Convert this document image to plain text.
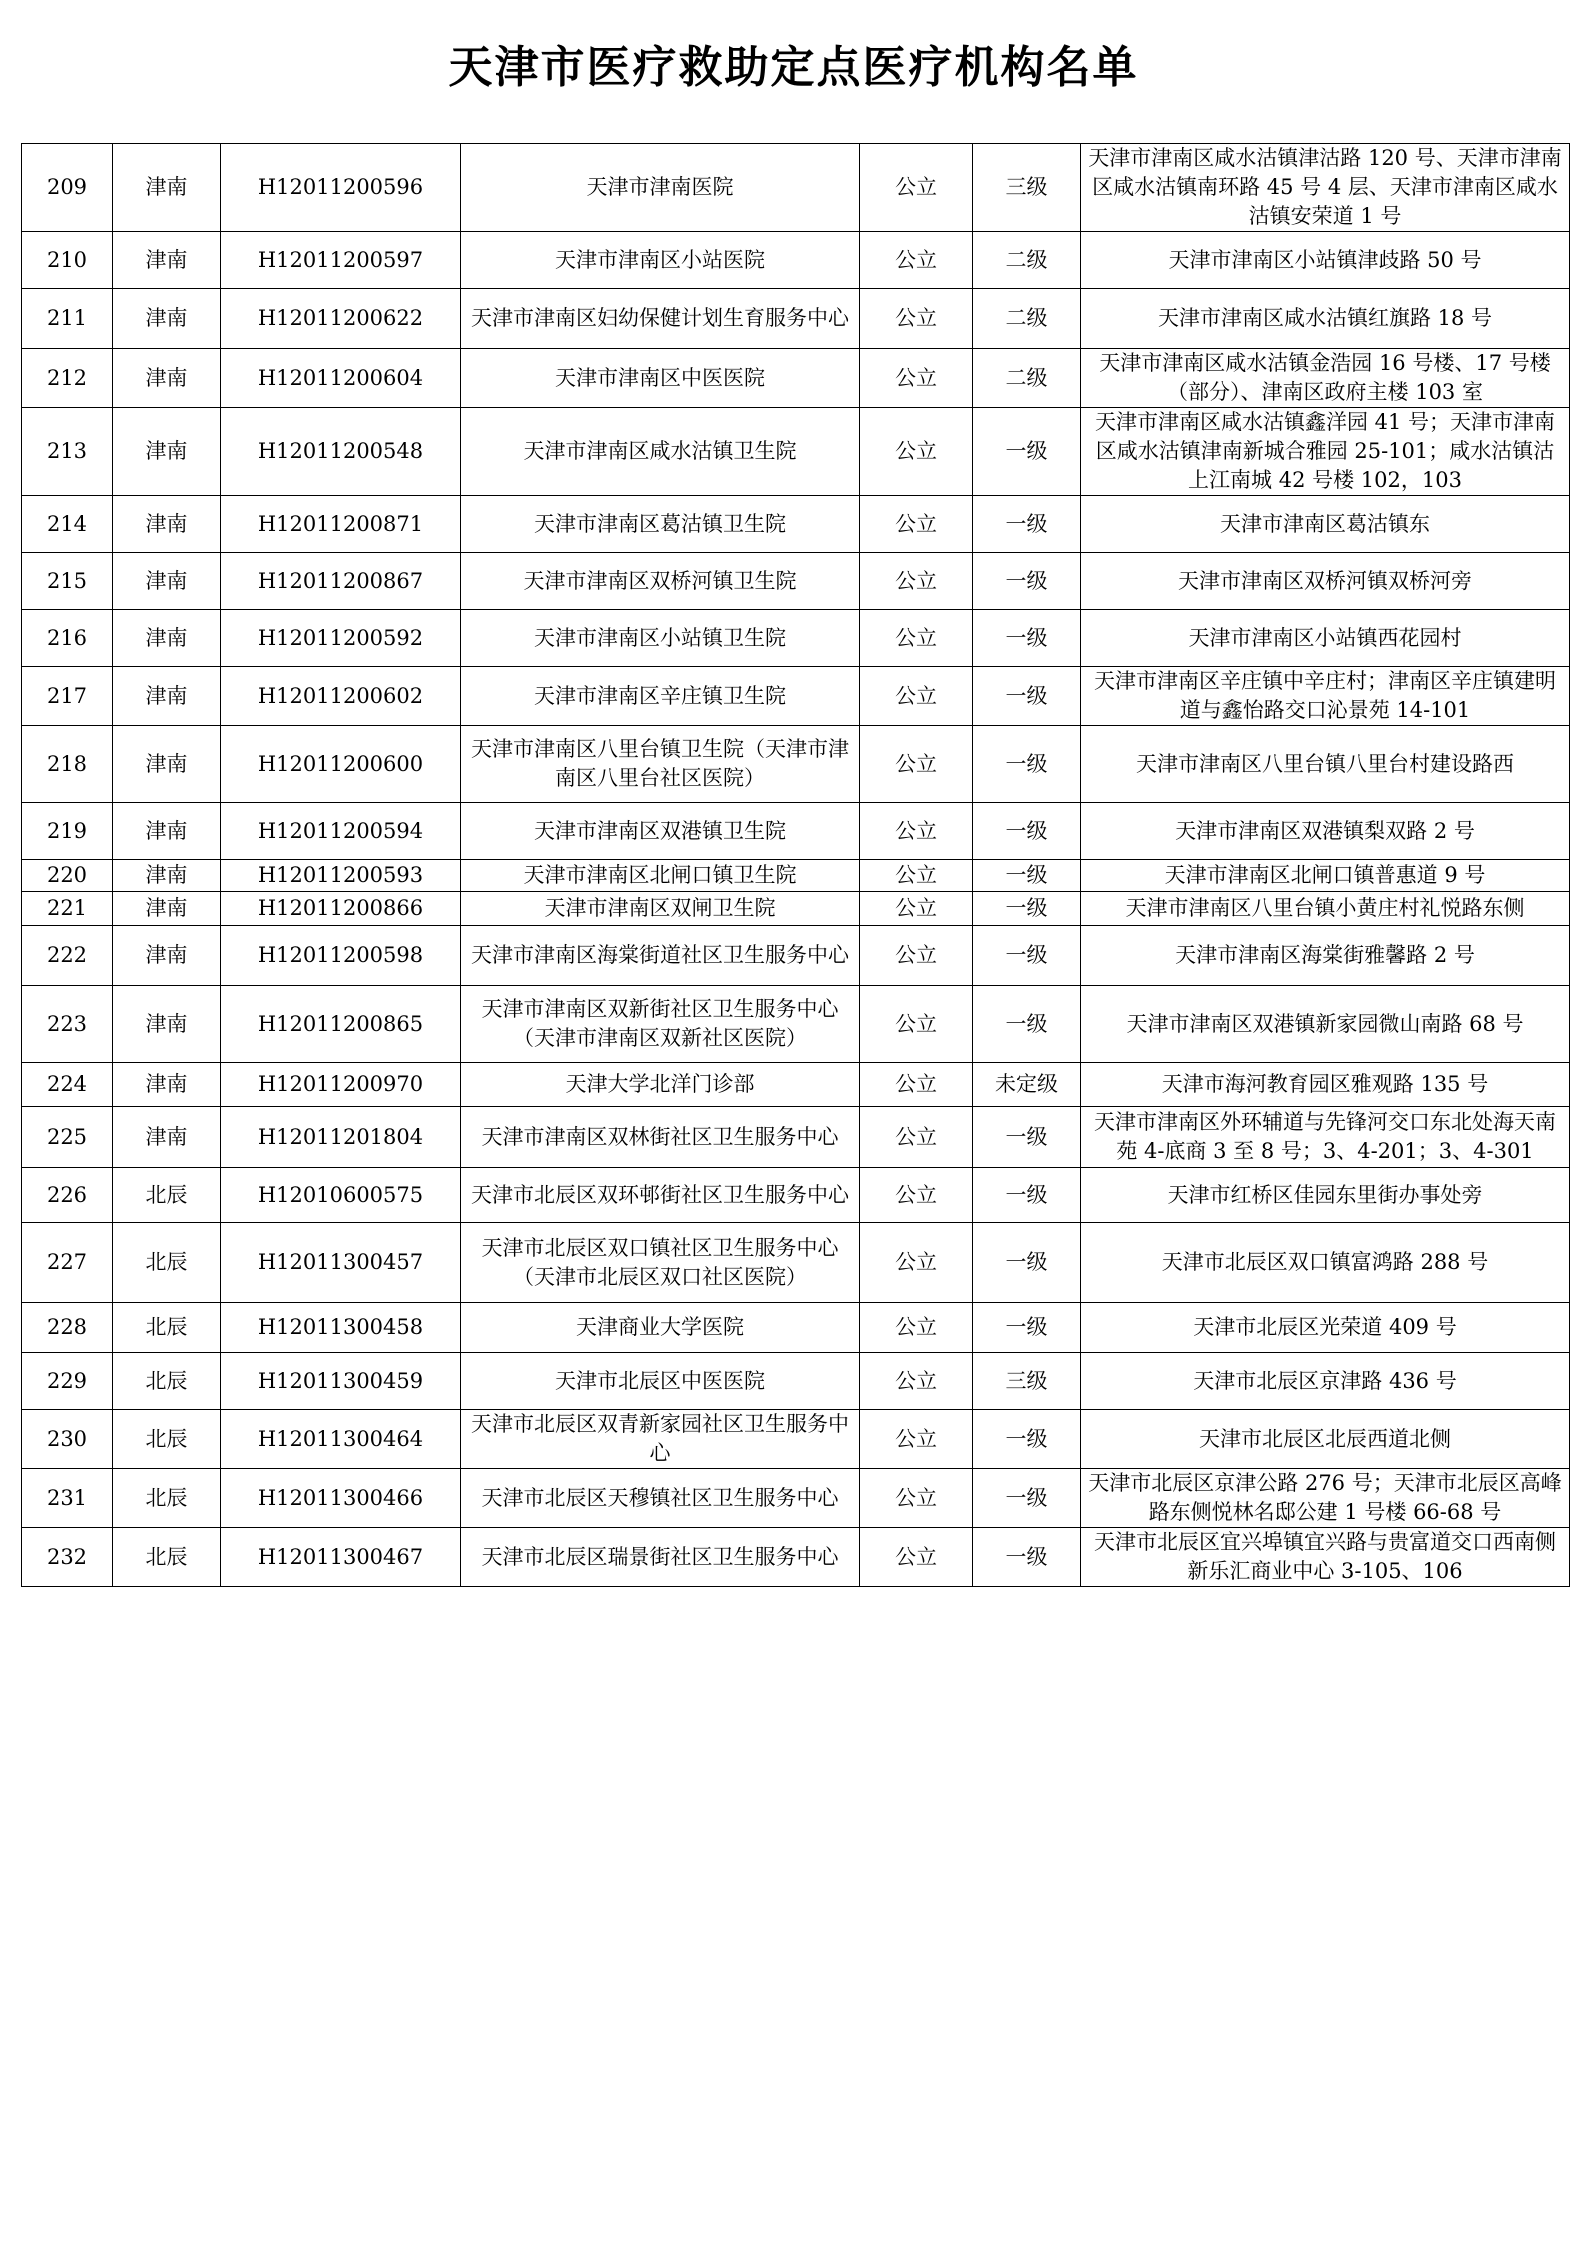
天津市医疗救助定点医疗机构名单
209	津南	H12011200596	天津市津南医院	公立	三级	天津市津南区咸水沽镇津沽路 120 号、天津市津南区咸水沽镇南环路 45 号 4 层、天津市津南区咸水沽镇安荣道 1 号
210	津南	H12011200597	天津市津南区小站医院	公立	二级	天津市津南区小站镇津歧路 50 号
211	津南	H12011200622	天津市津南区妇幼保健计划生育服务中心	公立	二级	天津市津南区咸水沽镇红旗路 18 号
212	津南	H12011200604	天津市津南区中医医院	公立	二级	天津市津南区咸水沽镇金浩园 16 号楼、17 号楼（部分）、津南区政府主楼 103 室
213	津南	H12011200548	天津市津南区咸水沽镇卫生院	公立	一级	天津市津南区咸水沽镇鑫洋园 41 号；天津市津南区咸水沽镇津南新城合雅园 25-101；咸水沽镇沽上江南城 42 号楼 102，103
214	津南	H12011200871	天津市津南区葛沽镇卫生院	公立	一级	天津市津南区葛沽镇东
215	津南	H12011200867	天津市津南区双桥河镇卫生院	公立	一级	天津市津南区双桥河镇双桥河旁
216	津南	H12011200592	天津市津南区小站镇卫生院	公立	一级	天津市津南区小站镇西花园村
217	津南	H12011200602	天津市津南区辛庄镇卫生院	公立	一级	天津市津南区辛庄镇中辛庄村；津南区辛庄镇建明道与鑫怡路交口沁景苑 14-101
218	津南	H12011200600	天津市津南区八里台镇卫生院（天津市津南区八里台社区医院）	公立	一级	天津市津南区八里台镇八里台村建设路西
219	津南	H12011200594	天津市津南区双港镇卫生院	公立	一级	天津市津南区双港镇梨双路 2 号
220	津南	H12011200593	天津市津南区北闸口镇卫生院	公立	一级	天津市津南区北闸口镇普惠道 9 号
221	津南	H12011200866	天津市津南区双闸卫生院	公立	一级	天津市津南区八里台镇小黄庄村礼悦路东侧
222	津南	H12011200598	天津市津南区海棠街道社区卫生服务中心	公立	一级	天津市津南区海棠街雅馨路 2 号
223	津南	H12011200865	天津市津南区双新街社区卫生服务中心（天津市津南区双新社区医院）	公立	一级	天津市津南区双港镇新家园微山南路 68 号
224	津南	H12011200970	天津大学北洋门诊部	公立	未定级	天津市海河教育园区雅观路 135 号
225	津南	H12011201804	天津市津南区双林街社区卫生服务中心	公立	一级	天津市津南区外环辅道与先锋河交口东北处海天南苑 4-底商 3 至 8 号；3、4-201；3、4-301
226	北辰	H12010600575	天津市北辰区双环邨街社区卫生服务中心	公立	一级	天津市红桥区佳园东里街办事处旁
227	北辰	H12011300457	天津市北辰区双口镇社区卫生服务中心（天津市北辰区双口社区医院）	公立	一级	天津市北辰区双口镇富鸿路 288 号
228	北辰	H12011300458	天津商业大学医院	公立	一级	天津市北辰区光荣道 409 号
229	北辰	H12011300459	天津市北辰区中医医院	公立	三级	天津市北辰区京津路 436 号
230	北辰	H12011300464	天津市北辰区双青新家园社区卫生服务中心	公立	一级	天津市北辰区北辰西道北侧
231	北辰	H12011300466	天津市北辰区天穆镇社区卫生服务中心	公立	一级	天津市北辰区京津公路 276 号；天津市北辰区高峰路东侧悦林名邸公建 1 号楼 66-68 号
232	北辰	H12011300467	天津市北辰区瑞景街社区卫生服务中心	公立	一级	天津市北辰区宜兴埠镇宜兴路与贵富道交口西南侧新乐汇商业中心 3-105、106
